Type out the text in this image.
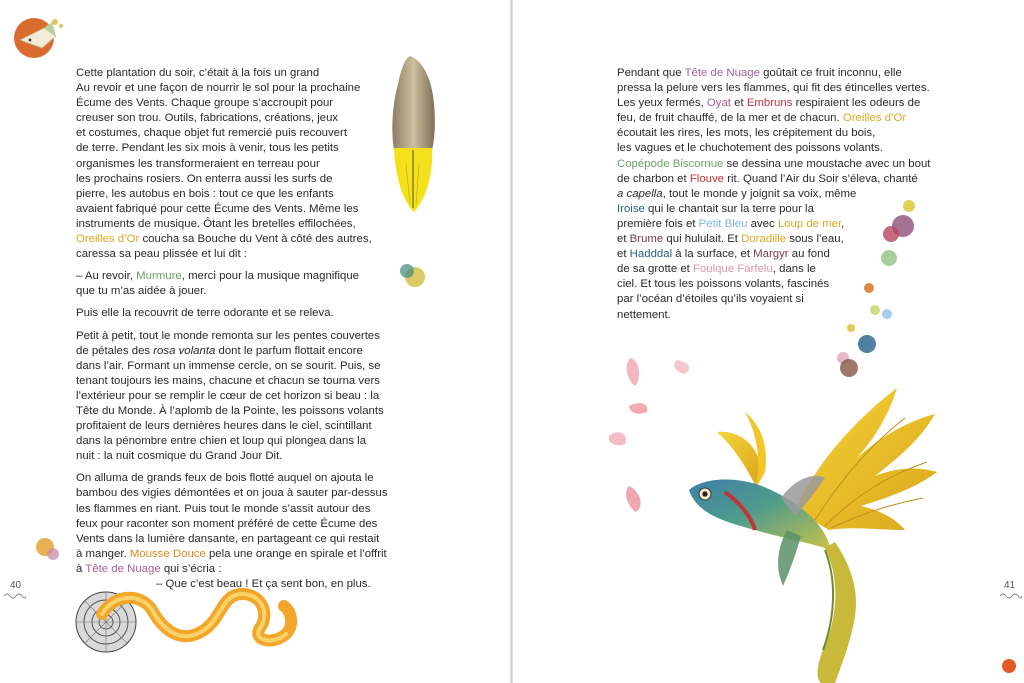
Cette plantation du soir, c’était à la fois un grand
Au revoir et une façon de nourrir le sol pour la prochaine
Écume des Vents. Chaque groupe s’accroupit pour
creuser son trou. Outils, fabrications, créations, jeux
et costumes, chaque objet fut remercié puis recouvert
de terre. Pendant les six mois à venir, tous les petits
organismes les transformeraient en terreau pour
les prochains rosiers. On enterra aussi les surfs de
pierre, les autobus en bois : tout ce que les enfants
avaient fabriqué pour cette Écume des Vents. Même les
instruments de musique. Ôtant les bretelles effilochées,
Oreilles d’Or coucha sa Bouche du Vent à côté des autres,
caressa sa peau plissée et lui dit :

– Au revoir, Murmure, merci pour la musique magnifique
que tu m’as aidée à jouer.

Puis elle la recouvrit de terre odorante et se releva.

Petit à petit, tout le monde remonta sur les pentes couvertes
de pétales des rosa volanta dont le parfum flottait encore
dans l’air. Formant un immense cercle, on se sourit. Puis, se
tenant toujours les mains, chacune et chacun se tourna vers
l’extérieur pour se remplir le cœur de cet horizon si beau : la
Tête du Monde. À l’aplomb de la Pointe, les poissons volants
profitaient de leurs dernières heures dans le ciel, scintillant
dans la pénombre entre chien et loup qui plongea dans la
nuit : la nuit cosmique du Grand Jour Dit.

On alluma de grands feux de bois flotté auquel on ajouta le
bambou des vigies démontées et on joua à sauter par-dessus
les flammes en riant. Puis tout le monde s’assit autour des
feux pour raconter son moment préféré de cette Écume des
Vents dans la lumière dansante, en partageant ce qui restait
à manger. Mousse Douce pela une orange en spirale et l’offrit
à Tête de Nuage qui s’écria :

– Que c’est beau ! Et ça sent bon, en plus.
40
Pendant que Tête de Nuage goûtait ce fruit inconnu, elle
pressa la pelure vers les flammes, qui fit des étincelles vertes.
Les yeux fermés, Oyat et Embruns respiraient les odeurs de
feu, de fruit chauffé, de la mer et de chacun. Oreilles d’Or
écoutait les rires, les mots, les crépitement du bois,
les vagues et le chuchotement des poissons volants.
Copépode Biscornue se dessina une moustache avec un bout
de charbon et Flouve rit. Quand l’Air du Soir s’éleva, chanté
a capella, tout le monde y joignit sa voix, même
Iroise qui le chantait sur la terre pour la
première fois et Petit Bleu avec Loup de mer,
et Brume qui hululait. Et Doradille sous l’eau,
et Hadddal à la surface, et Margyr au fond
de sa grotte et Foulque Farfelu, dans le
ciel. Et tous les poissons volants, fascinés
par l’océan d’étoiles qu’ils voyaient si
nettement.
41
